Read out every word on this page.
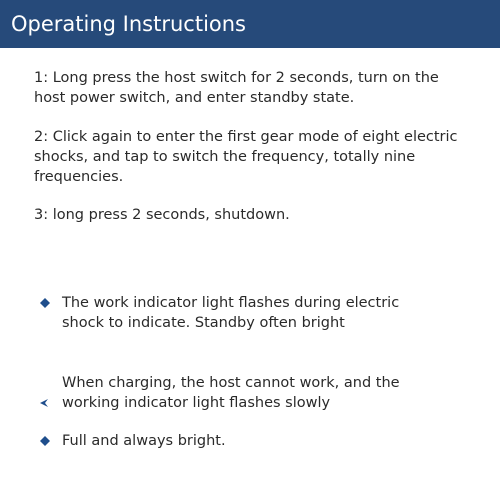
Operating Instructions
1: Long press the host switch for 2 seconds, turn on the host power switch, and enter standby state.
2: Click again to enter the first gear mode of eight electric shocks, and tap to switch the frequency, totally nine frequencies.
3: long press 2 seconds, shutdown.
The work indicator light flashes during electric shock to indicate. Standby often bright
When charging, the host cannot work, and the working indicator light flashes slowly
Full and always bright.
